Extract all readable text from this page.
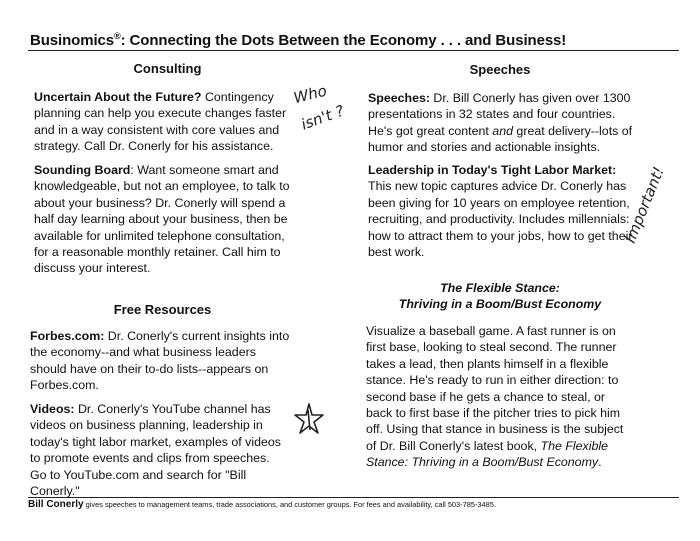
Businomics®: Connecting the Dots Between the Economy . . . and Business!
Consulting
Uncertain About the Future? Contingency planning can help you execute changes faster and in a way consistent with core values and strategy. Call Dr. Conerly for his assistance.
Sounding Board: Want someone smart and knowledgeable, but not an employee, to talk to about your business? Dr. Conerly will spend a half day learning about your business, then be available for unlimited telephone consultation, for a reasonable monthly retainer. Call him to discuss your interest.
Speeches
Speeches: Dr. Bill Conerly has given over 1300 presentations in 32 states and four countries. He's got great content and great delivery--lots of humor and stories and actionable insights.
Leadership in Today's Tight Labor Market: This new topic captures advice Dr. Conerly has been giving for 10 years on employee retention, recruiting, and productivity. Includes millennials: how to attract them to your jobs, how to get their best work.
Free Resources
Forbes.com: Dr. Conerly's current insights into the economy--and what business leaders should have on their to-do lists--appears on Forbes.com.
Videos: Dr. Conerly's YouTube channel has videos on business planning, leadership in today's tight labor market, examples of videos to promote events and clips from speeches. Go to YouTube.com and search for "Bill Conerly."
The Flexible Stance:
Thriving in a Boom/Bust Economy
Visualize a baseball game. A fast runner is on first base, looking to steal second. The runner takes a lead, then plants himself in a flexible stance. He's ready to run in either direction: to second base if he gets a chance to steal, or back to first base if the pitcher tries to pick him off. Using that stance in business is the subject of Dr. Bill Conerly's latest book, The Flexible Stance: Thriving in a Boom/Bust Economy.
Bill Conerly gives speeches to management teams, trade associations, and customer groups. For fees and availability, call 503-785-3485.
Who
isn't ?
Important!
